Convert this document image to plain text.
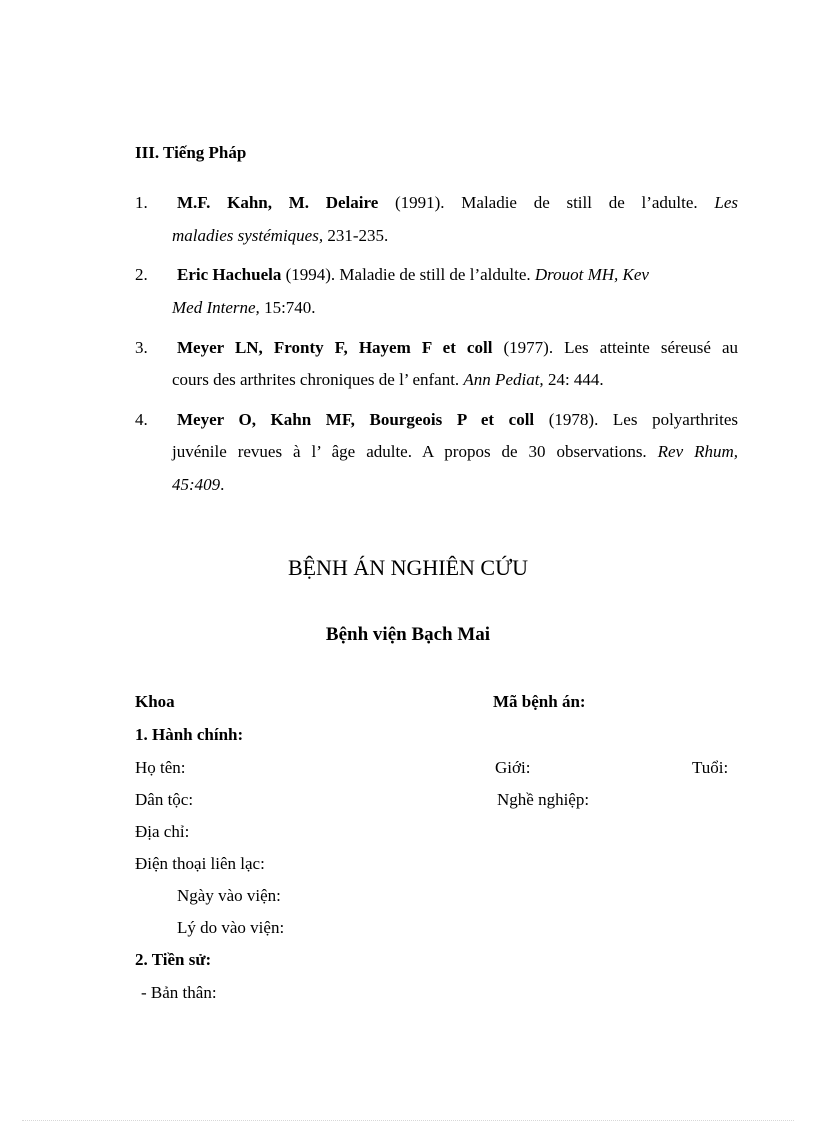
III. Tiếng Pháp
1. M.F. Kahn, M. Delaire (1991). Maladie de still de l’adulte. Les
maladies systémiques, 231-235.
2. Eric Hachuela (1994). Maladie de still de l’aldulte. Drouot MH, Kev
Med Interne, 15:740.
3. Meyer LN, Fronty F, Hayem F et coll (1977). Les atteinte séreusé au
cours des arthrites chroniques de l’ enfant. Ann Pediat, 24: 444.
4. Meyer O, Kahn MF, Bourgeois P et coll (1978). Les polyarthrites
juvénile revues à l’ âge adulte. A propos de 30 observations. Rev Rhum,
45:409.
BỆNH ÁN NGHIÊN CỨU
Bệnh viện Bạch Mai
Khoa	Mã bệnh án:
1. Hành chính:
Họ tên:	Giới:	Tuổi:
Dân tộc:	Nghề nghiệp:
Địa chỉ:
Điện thoại liên lạc:
Ngày vào viện:
Lý do vào viện:
2. Tiền sử:
- Bản thân:
